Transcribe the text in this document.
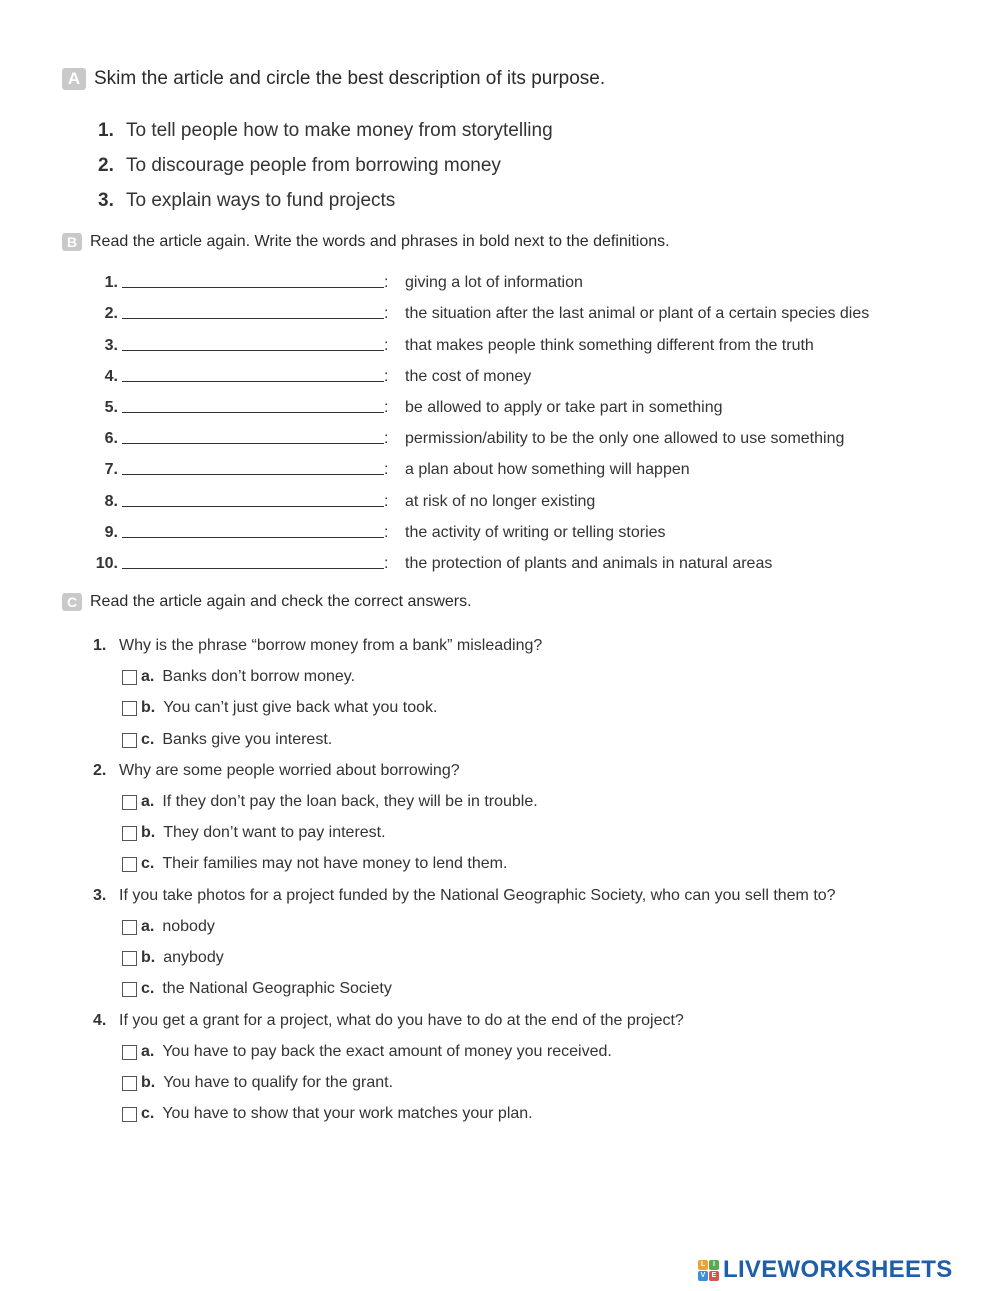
A Skim the article and circle the best description of its purpose.
1. To tell people how to make money from storytelling
2. To discourage people from borrowing money
3. To explain ways to fund projects
B Read the article again. Write the words and phrases in bold next to the definitions.
1.	: giving a lot of information
2.	: the situation after the last animal or plant of a certain species dies
3.	: that makes people think something different from the truth
4.	: the cost of money
5.	: be allowed to apply or take part in something
6.	: permission/ability to be the only one allowed to use something
7.	: a plan about how something will happen
8.	: at risk of no longer existing
9.	: the activity of writing or telling stories
10.	: the protection of plants and animals in natural areas
C Read the article again and check the correct answers.
1. Why is the phrase “borrow money from a bank” misleading?
a. Banks don’t borrow money.
b. You can’t just give back what you took.
c. Banks give you interest.
2. Why are some people worried about borrowing?
a. If they don’t pay the loan back, they will be in trouble.
b. They don’t want to pay interest.
c. Their families may not have money to lend them.
3. If you take photos for a project funded by the National Geographic Society, who can you sell them to?
a. nobody
b. anybody
c. the National Geographic Society
4. If you get a grant for a project, what do you have to do at the end of the project?
a. You have to pay back the exact amount of money you received.
b. You have to qualify for the grant.
c. You have to show that your work matches your plan.
L	I
V E LIVEWORKSHEETS
